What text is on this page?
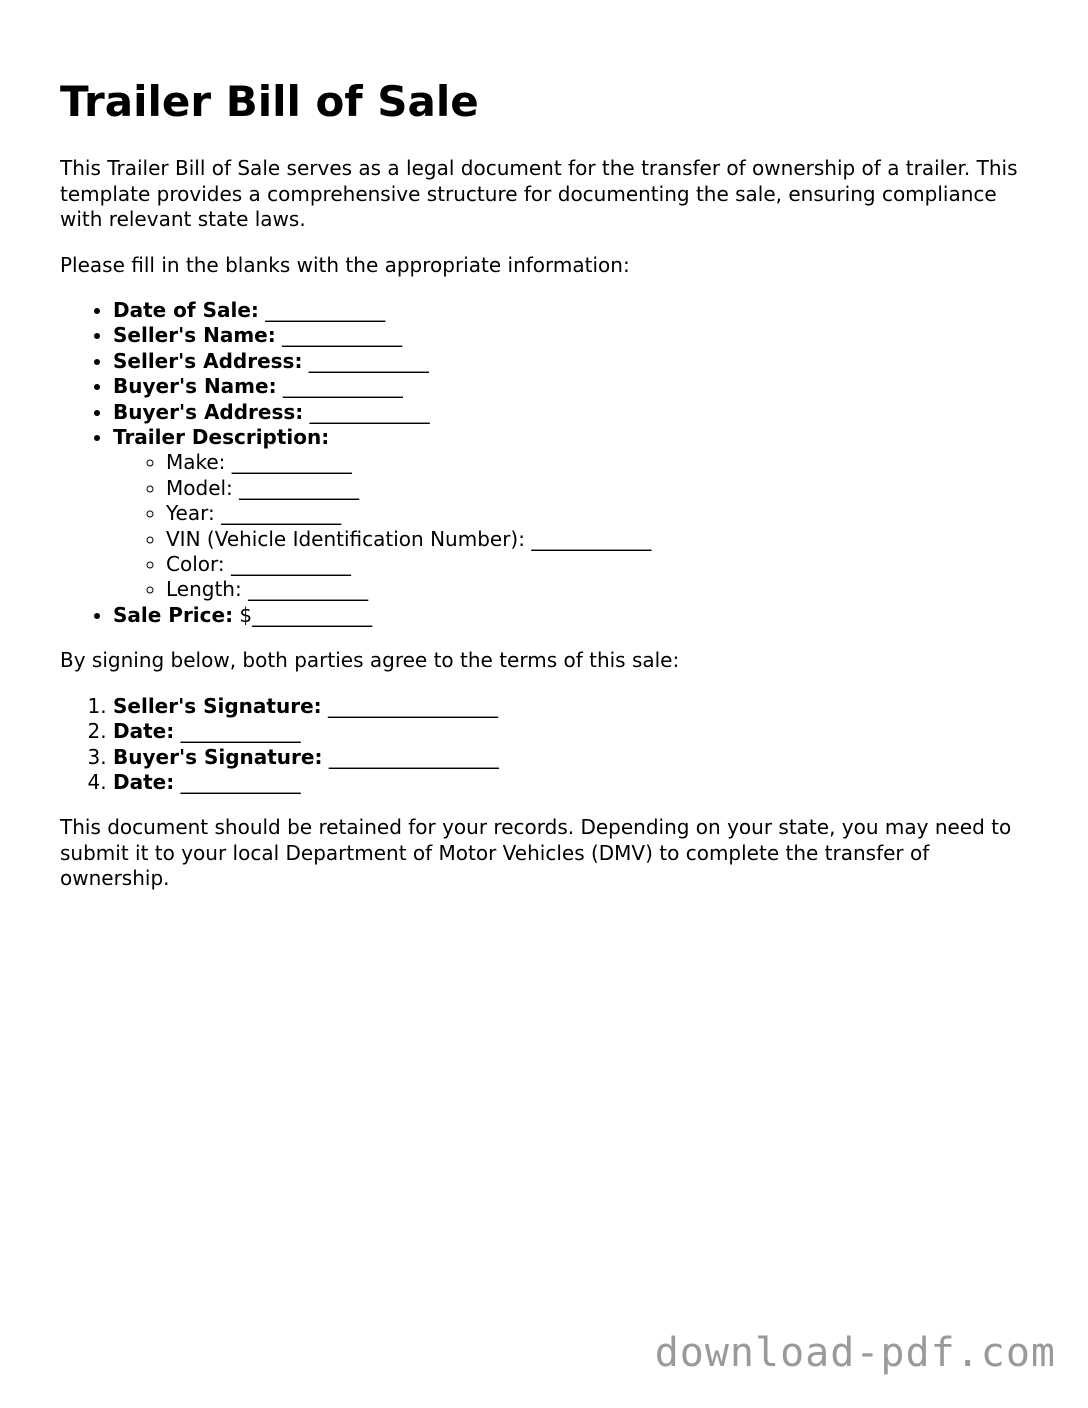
Trailer Bill of Sale

This Trailer Bill of Sale serves as a legal document for the transfer of ownership of a trailer. This template provides a comprehensive structure for documenting the sale, ensuring compliance with relevant state laws.

Please fill in the blanks with the appropriate information:

• Date of Sale: ____________
• Seller's Name: ____________
• Seller's Address: ____________
• Buyer's Name: ____________
• Buyer's Address: ____________
• Trailer Description:
◦ Make: ____________
◦ Model: ____________
◦ Year: ____________
◦ VIN (Vehicle Identification Number): ____________
◦ Color: ____________
◦ Length: ____________
• Sale Price: $____________

By signing below, both parties agree to the terms of this sale:

1. Seller's Signature: _________________
2. Date: ____________
3. Buyer's Signature: _________________
4. Date: ____________

This document should be retained for your records. Depending on your state, you may need to submit it to your local Department of Motor Vehicles (DMV) to complete the transfer of ownership.

download-pdf.com
